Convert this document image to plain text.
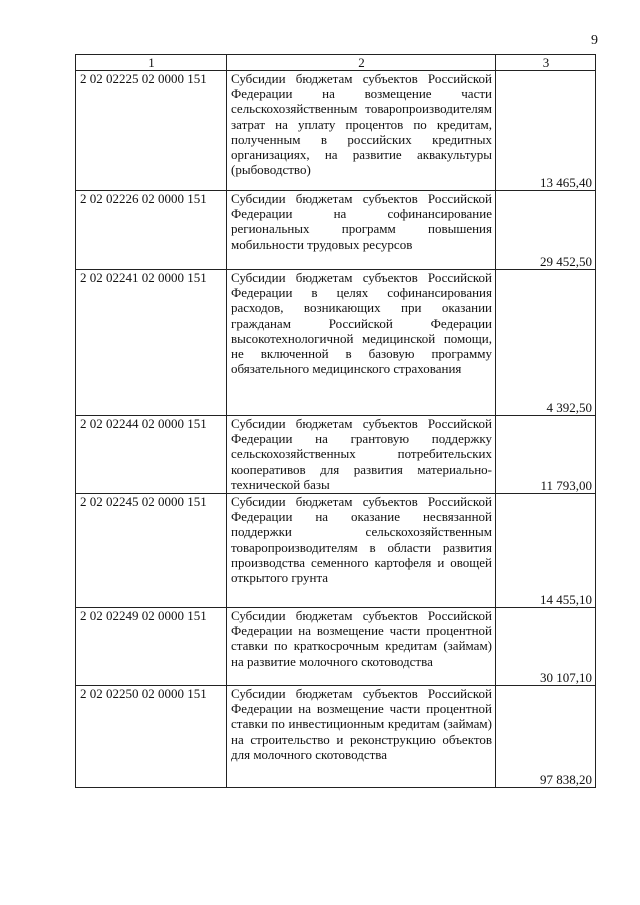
9
1	2	3
2 02 02225 02 0000 151	Субсидии бюджетам субъектов Российской Федерации на возмещение части сельскохозяйственным товаропроизводителям затрат на уплату процентов по кредитам, полученным в российских кредитных организациях, на развитие аквакультуры (рыбоводство)	13 465,40
2 02 02226 02 0000 151	Субсидии бюджетам субъектов Российской Федерации на софинансирование региональных программ повышения мобильности трудовых ресурсов	29 452,50
2 02 02241 02 0000 151	Субсидии бюджетам субъектов Российской Федерации в целях софинансирования расходов, возникающих при оказании гражданам Российской Федерации высокотехнологичной медицинской помощи, не включенной в базовую программу обязательного медицинского страхования	4 392,50
2 02 02244 02 0000 151	Субсидии бюджетам субъектов Российской Федерации на грантовую поддержку сельскохозяйственных потребительских кооперативов для развития материально-технической базы	11 793,00
2 02 02245 02 0000 151	Субсидии бюджетам субъектов Российской Федерации на оказание несвязанной поддержки сельскохозяйственным товаропроизводителям в области развития производства семенного картофеля и овощей открытого грунта	14 455,10
2 02 02249 02 0000 151	Субсидии бюджетам субъектов Российской Федерации на возмещение части процентной ставки по краткосрочным кредитам (займам) на развитие молочного скотоводства	30 107,10
2 02 02250 02 0000 151	Субсидии бюджетам субъектов Российской Федерации на возмещение части процентной ставки по инвестиционным кредитам (займам) на строительство и реконструкцию объектов для молочного скотоводства	97 838,20
